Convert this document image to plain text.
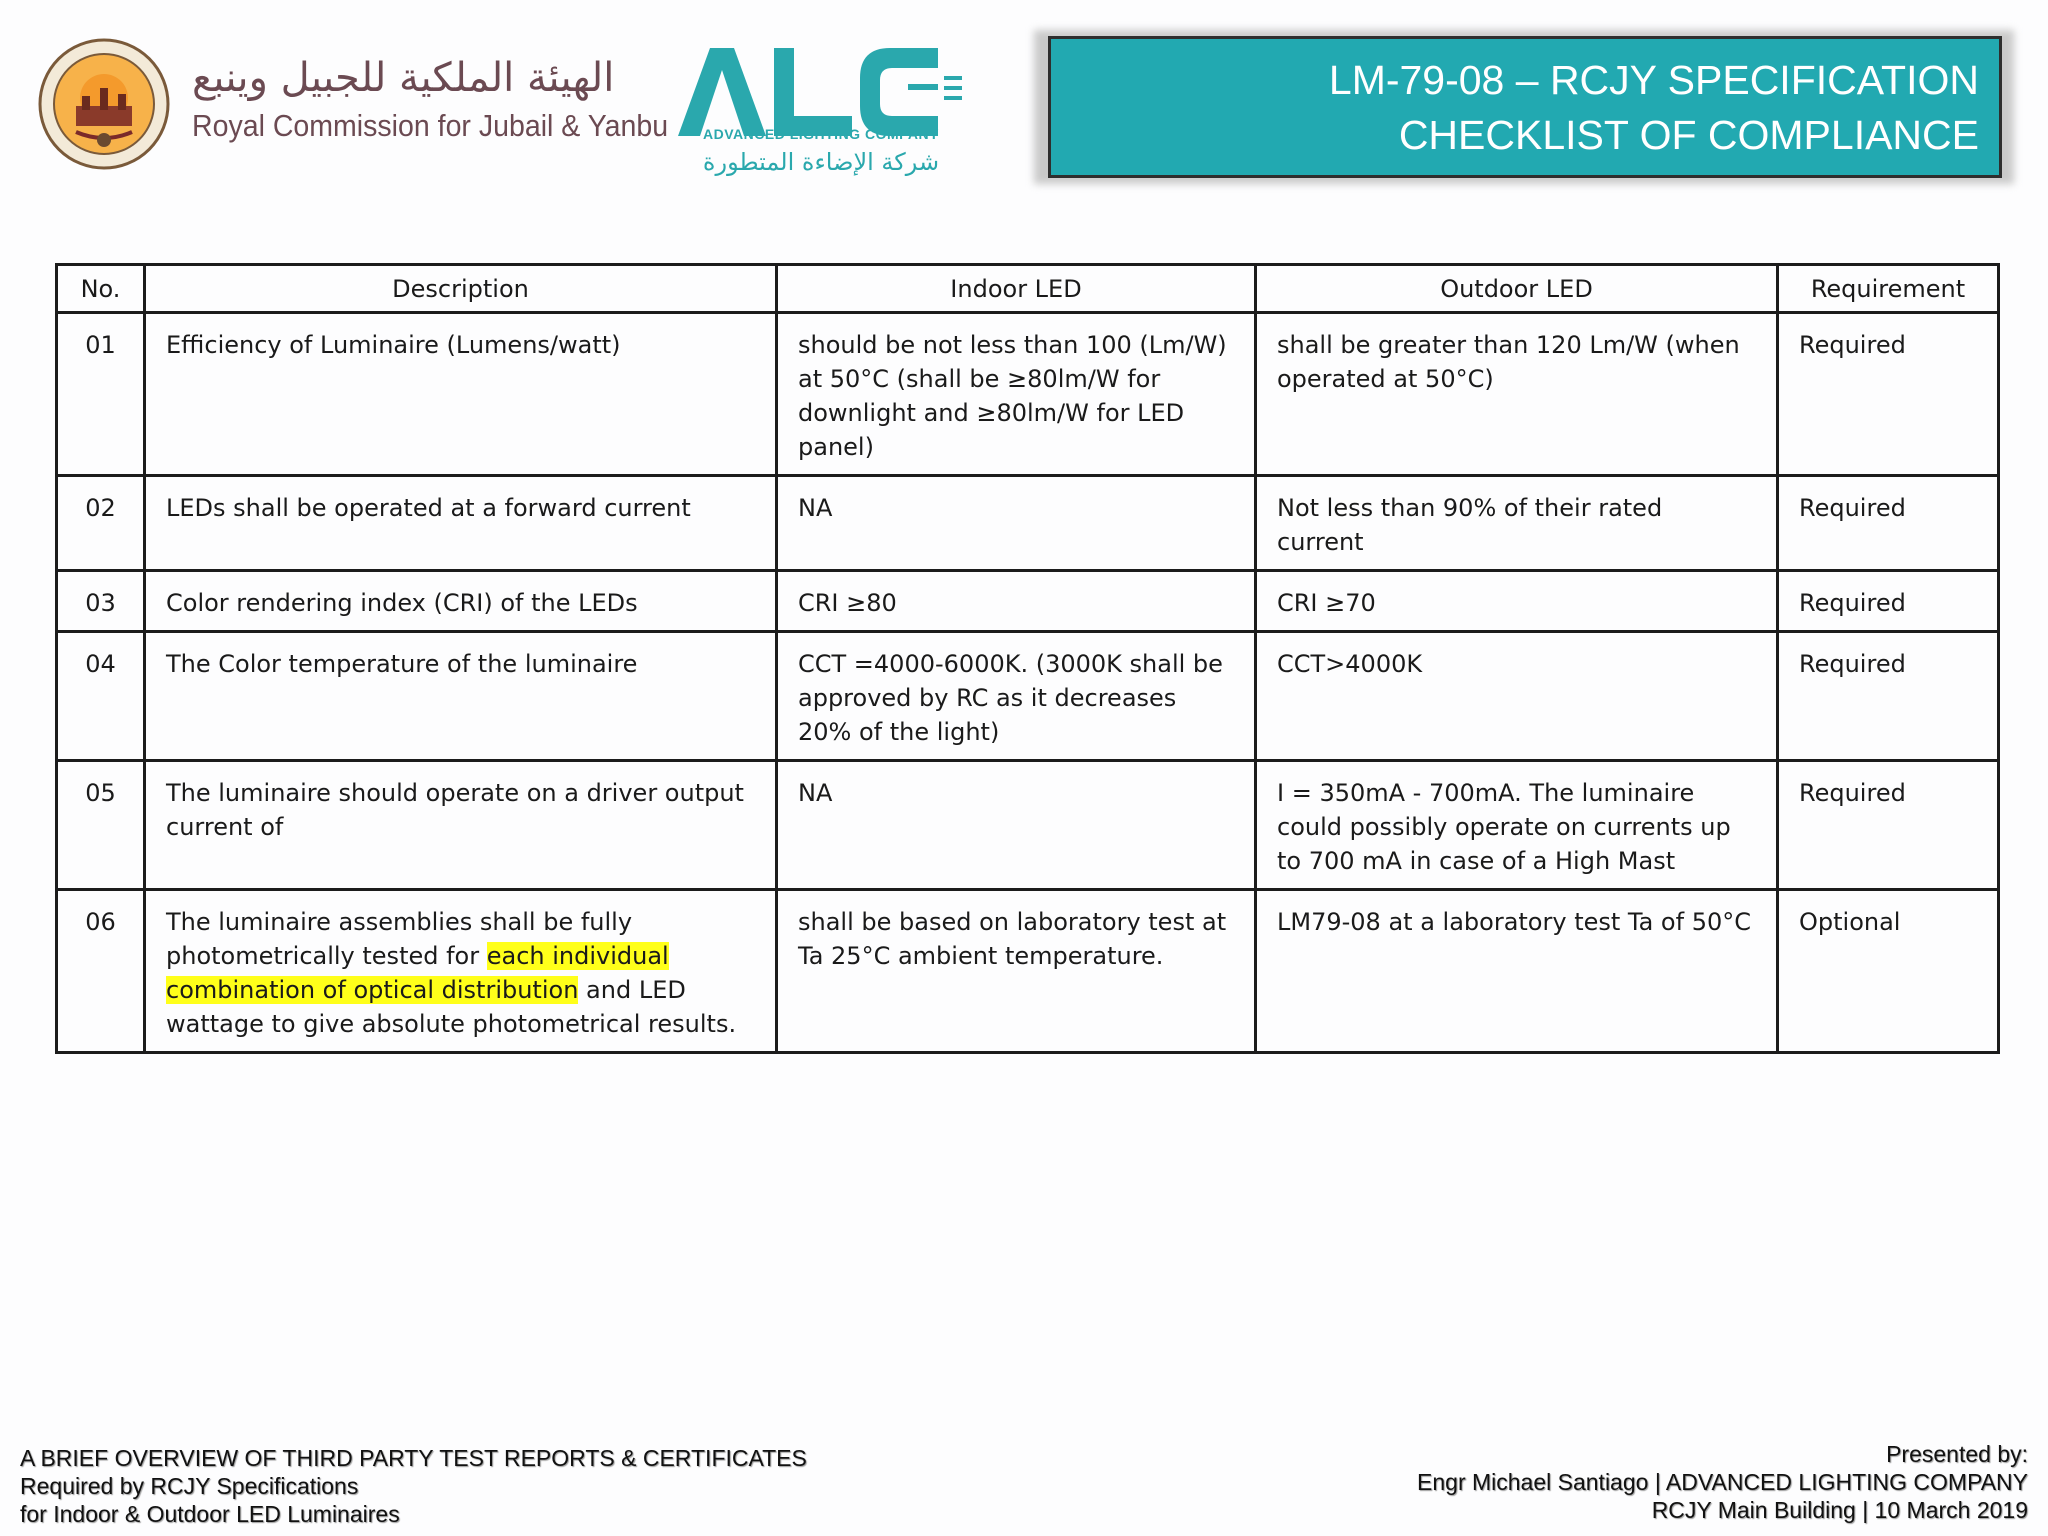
الهيئة الملكية للجبيل وينبع
Royal Commission for Jubail & Yanbu	ADVANCED LIGHTING COMPANY
شركة الإضاءة المتطورة
LM-79-08 – RCJY SPECIFICATION
CHECKLIST OF COMPLIANCE
No.	Description	Indoor LED	Outdoor LED	Requirement
01	Efficiency of Luminaire (Lumens/watt)	should be not less than 100 (Lm/W) at 50°C (shall be ≥80lm/W for downlight and ≥80lm/W for LED panel)	shall be greater than 120 Lm/W (when operated at 50°C)	Required
02	LEDs shall be operated at a forward current	NA	Not less than 90% of their rated current	Required
03	Color rendering index (CRI) of the LEDs	CRI ≥80	CRI ≥70	Required
04	The Color temperature of the luminaire	CCT =4000-6000K. (3000K shall be approved by RC as it decreases 20% of the light)	CCT>4000K	Required
05	The luminaire should operate on a driver output current of	NA	I = 350mA - 700mA. The luminaire could possibly operate on currents up to 700 mA in case of a High Mast	Required
06	The luminaire assemblies shall be fully photometrically tested for each individual combination of optical distribution and LED wattage to give absolute photometrical results.	shall be based on laboratory test at Ta 25°C ambient temperature.	LM79-08 at a laboratory test Ta of 50°C	Optional
A BRIEF OVERVIEW OF THIRD PARTY TEST REPORTS & CERTIFICATES
Required by RCJY Specifications
for Indoor & Outdoor LED Luminaires
Presented by:
Engr Michael Santiago | ADVANCED LIGHTING COMPANY
RCJY Main Building | 10 March 2019
